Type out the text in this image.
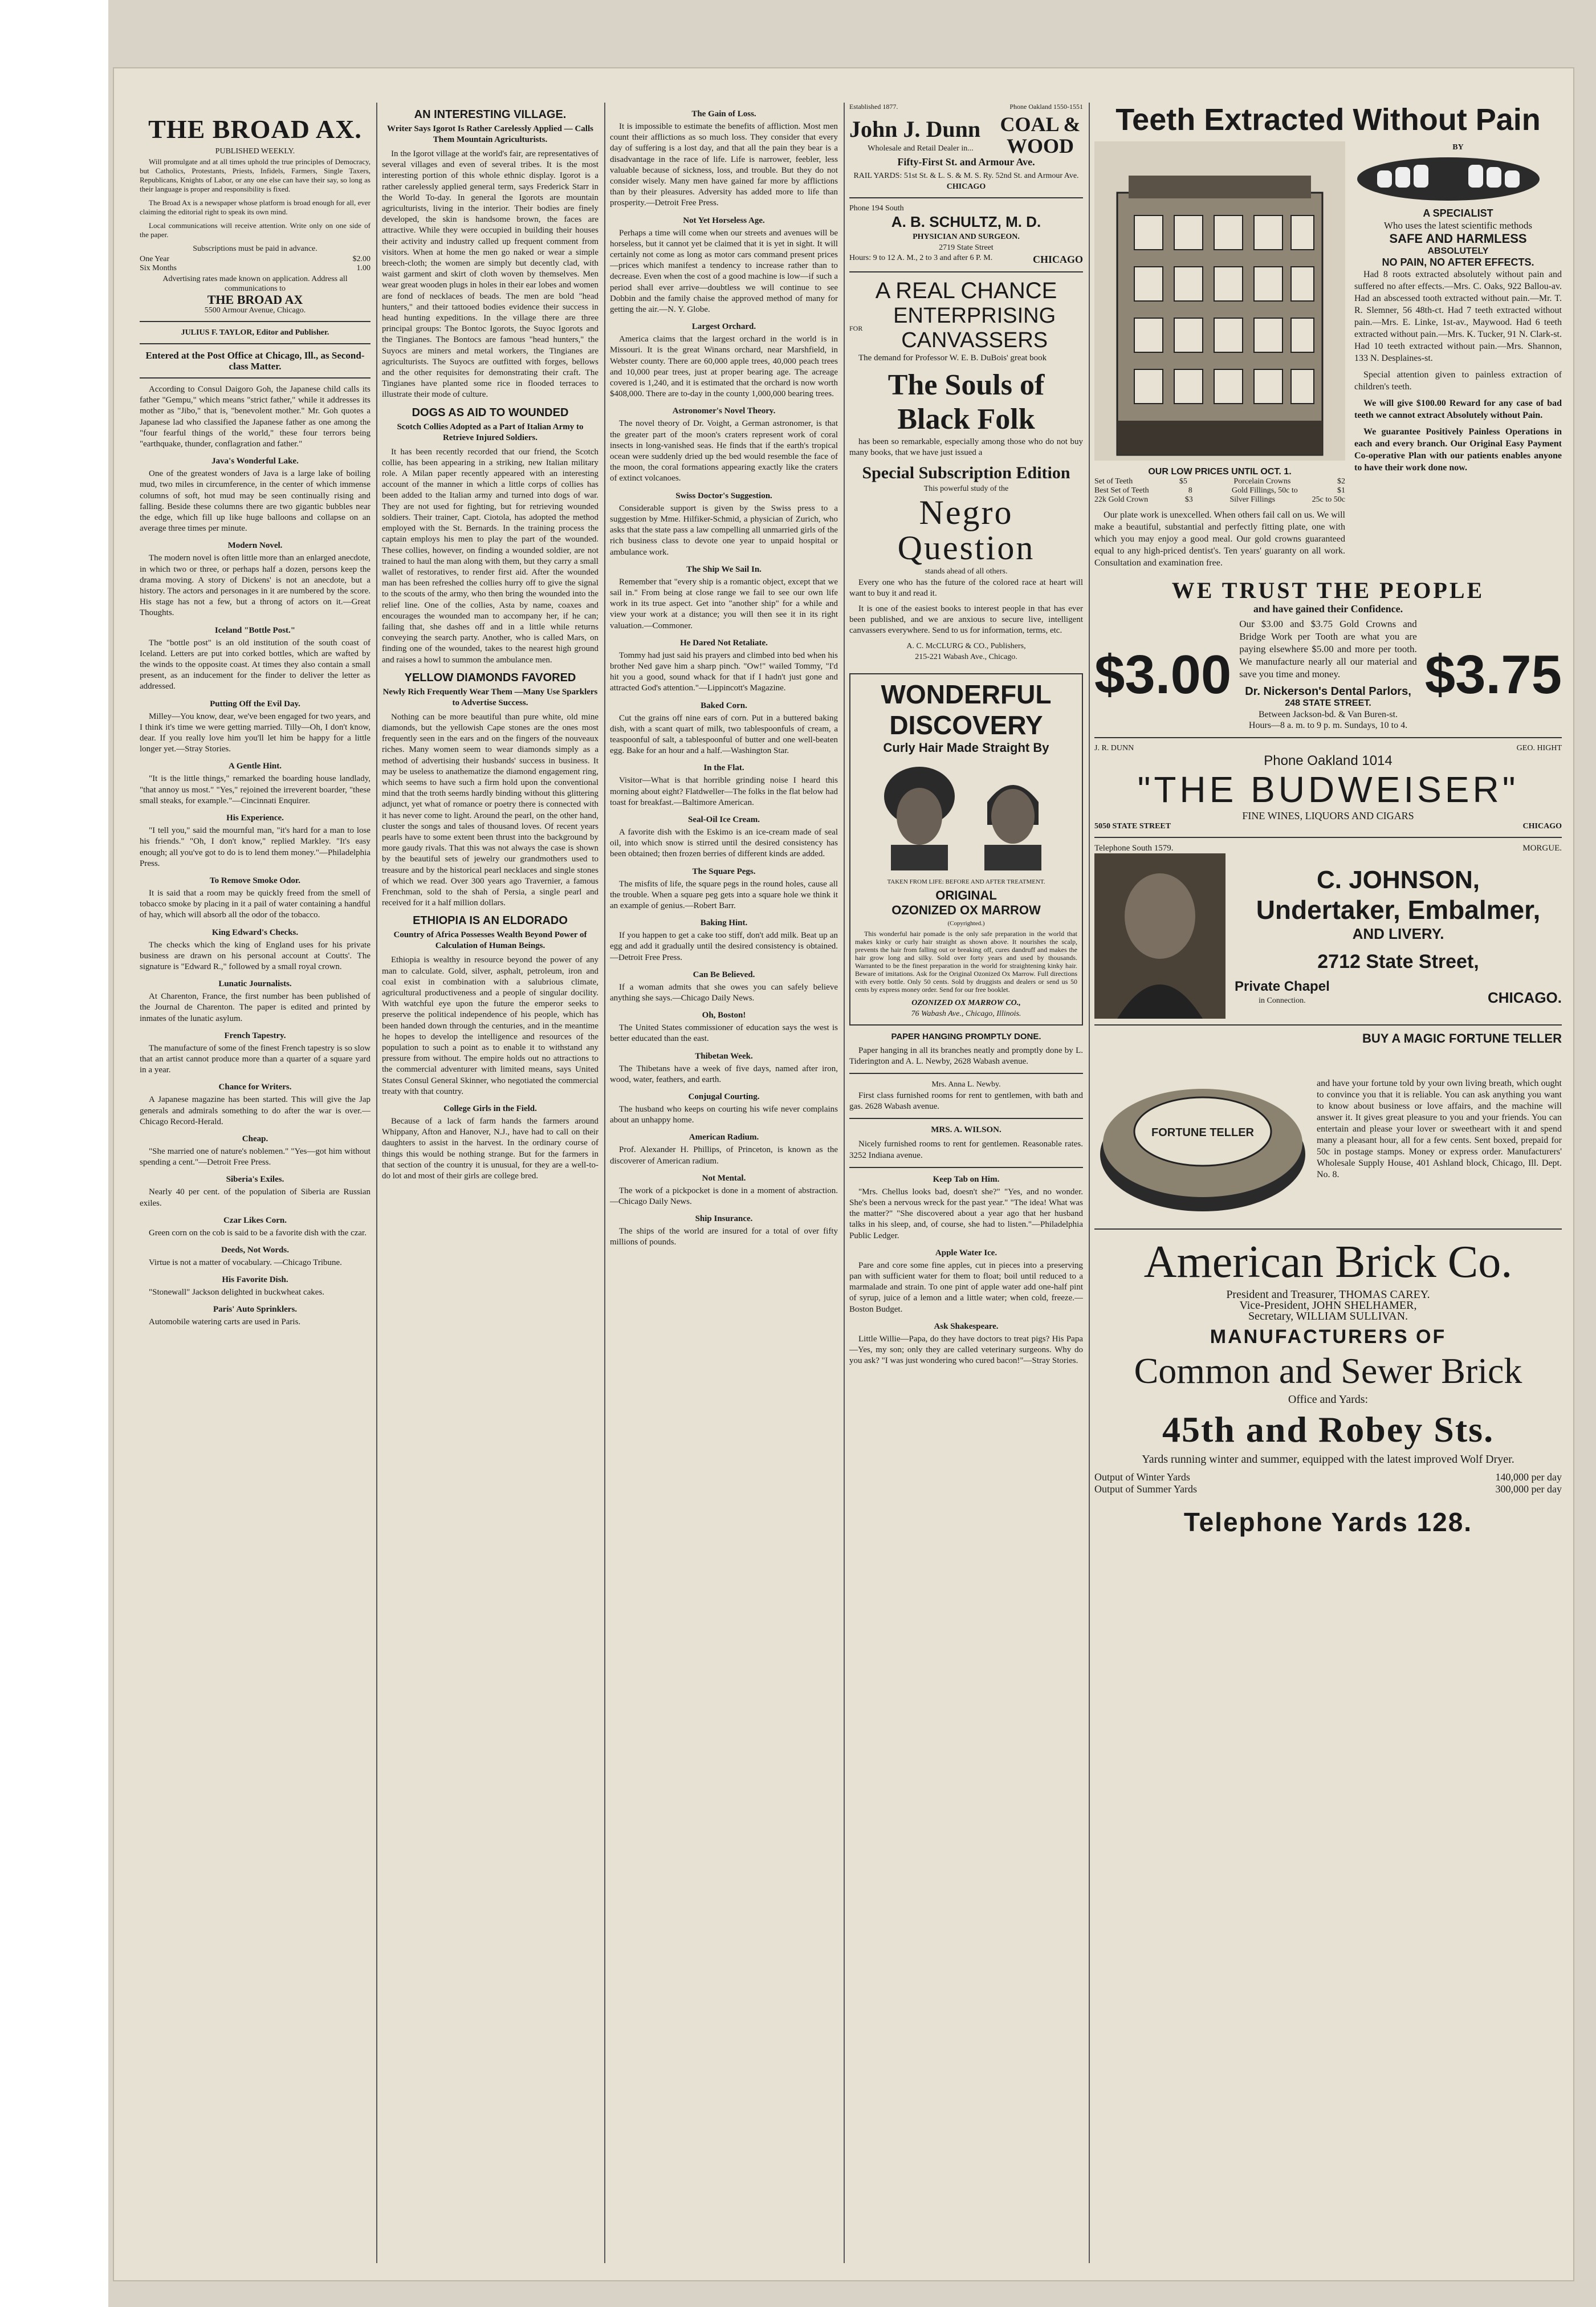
THE BROAD AX.
PUBLISHED WEEKLY.

Will promulgate and at all times uphold the true principles of Democracy, but Catholics, Protestants, Priests, Infidels, Farmers, Single Taxers, Republicans, Knights of Labor, or any one else can have their say, so long as their language is proper and responsibility is fixed.

The Broad Ax is a newspaper whose platform is broad enough for all, ever claiming the editorial right to speak its own mind.

Local communications will receive attention. Write only on one side of the paper.

Subscriptions must be paid in advance.
One Year	$2.00
Six Months	1.00
Advertising rates made known on application. Address all communications to
THE BROAD AX
5500 Armour Avenue, Chicago.
JULIUS F. TAYLOR, Editor and Publisher.
Entered at the Post Office at Chicago, Ill., as Second-class Matter.

According to Consul Daigoro Goh, the Japanese child calls its father "Gempu," which means "strict father," while it addresses its mother as "Jibo," that is, "benevolent mother." Mr. Goh quotes a Japanese lad who classified the Japanese father as one among the "four fearful things of the world," these four terrors being "earthquake, thunder, conflagration and father."

Java's Wonderful Lake.

One of the greatest wonders of Java is a large lake of boiling mud, two miles in circumference, in the center of which immense columns of soft, hot mud may be seen continually rising and falling. Beside these columns there are two gigantic bubbles near the edge, which fill up like huge balloons and collapse on an average three times per minute.

Modern Novel.

The modern novel is often little more than an enlarged anecdote, in which two or three, or perhaps half a dozen, persons keep the drama moving. A story of Dickens' is not an anecdote, but a history. The actors and personages in it are numbered by the score. His stage has not a few, but a throng of actors on it.—Great Thoughts.

Iceland "Bottle Post."

The "bottle post" is an old institution of the south coast of Iceland. Letters are put into corked bottles, which are wafted by the winds to the opposite coast. At times they also contain a small present, as an inducement for the finder to deliver the letter as addressed.

Putting Off the Evil Day.

Milley—You know, dear, we've been engaged for two years, and I think it's time we were getting married. Tilly—Oh, I don't know, dear. If you really love him you'll let him be happy for a little longer yet.—Stray Stories.

A Gentle Hint.

"It is the little things," remarked the boarding house landlady, "that annoy us most." "Yes," rejoined the irreverent boarder, "these small steaks, for example."—Cincinnati Enquirer.

His Experience.

"I tell you," said the mournful man, "it's hard for a man to lose his friends." "Oh, I don't know," replied Markley. "It's easy enough; all you've got to do is to lend them money."—Philadelphia Press.

To Remove Smoke Odor.

It is said that a room may be quickly freed from the smell of tobacco smoke by placing in it a pail of water containing a handful of hay, which will absorb all the odor of the tobacco.

King Edward's Checks.

The checks which the king of England uses for his private business are drawn on his personal account at Coutts'. The signature is "Edward R.," followed by a small royal crown.

Lunatic Journalists.

At Charenton, France, the first number has been published of the Journal de Charenton. The paper is edited and printed by inmates of the lunatic asylum.

French Tapestry.

The manufacture of some of the finest French tapestry is so slow that an artist cannot produce more than a quarter of a square yard in a year.

Chance for Writers.

A Japanese magazine has been started. This will give the Jap generals and admirals something to do after the war is over.—Chicago Record-Herald.

Cheap.

"She married one of nature's noblemen." "Yes—got him without spending a cent."—Detroit Free Press.

Siberia's Exiles.

Nearly 40 per cent. of the population of Siberia are Russian exiles.

Czar Likes Corn.

Green corn on the cob is said to be a favorite dish with the czar.

Deeds, Not Words.

Virtue is not a matter of vocabulary. —Chicago Tribune.

His Favorite Dish.

"Stonewall" Jackson delighted in buckwheat cakes.

Paris' Auto Sprinklers.

Automobile watering carts are used in Paris.

AN INTERESTING VILLAGE.
Writer Says Igorot Is Rather Carelessly Applied — Calls Them Mountain Agriculturists.

In the Igorot village at the world's fair, are representatives of several villages and even of several tribes. It is the most interesting portion of this whole ethnic display. Igorot is a rather carelessly applied general term, says Frederick Starr in the World To-day. In general the Igorots are mountain agriculturists, living in the interior. Their bodies are finely developed, the skin is handsome brown, the faces are attractive. While they were occupied in building their houses their activity and industry called up frequent comment from visitors. When at home the men go naked or wear a simple breech-cloth; the women are simply but decently clad, with waist garment and skirt of cloth woven by themselves. Men wear great wooden plugs in holes in their ear lobes and women are fond of necklaces of beads. The men are bold "head hunters," and their tattooed bodies evidence their success in head hunting expeditions. In the village there are three principal groups: The Bontoc Igorots, the Suyoc Igorots and the Tingianes. The Bontocs are famous "head hunters," the Suyocs are miners and metal workers, the Tingianes are agriculturists. The Suyocs are outfitted with forges, bellows and the other requisites for demonstrating their craft. The Tingianes have planted some rice in flooded terraces to illustrate their mode of culture.

DOGS AS AID TO WOUNDED
Scotch Collies Adopted as a Part of Italian Army to Retrieve Injured Soldiers.

It has been recently recorded that our friend, the Scotch collie, has been appearing in a striking, new Italian military role. A Milan paper recently appeared with an interesting account of the manner in which a little corps of collies has been added to the Italian army and turned into dogs of war. They are not used for fighting, but for retrieving wounded soldiers. Their trainer, Capt. Ciotola, has adopted the method employed with the St. Bernards. In the training process the captain employs his men to play the part of the wounded. These collies, however, on finding a wounded soldier, are not trained to haul the man along with them, but they carry a small wallet of restoratives, to render first aid. After the wounded man has been refreshed the collies hurry off to give the signal to the scouts of the army, who then bring the wounded into the relief line. One of the collies, Asta by name, coaxes and encourages the wounded man to accompany her, if he can; failing that, she dashes off and in a little while returns conveying the search party. Another, who is called Mars, on finding one of the wounded, takes to the nearest high ground and raises a howl to summon the ambulance men.

YELLOW DIAMONDS FAVORED
Newly Rich Frequently Wear Them —Many Use Sparklers to Advertise Success.

Nothing can be more beautiful than pure white, old mine diamonds, but the yellowish Cape stones are the ones most frequently seen in the ears and on the fingers of the nouveaux riches. Many women seem to wear diamonds simply as a method of advertising their husbands' success in business. It may be useless to anathematize the diamond engagement ring, which seems to have such a firm hold upon the conventional mind that the troth seems hardly binding without this glittering adjunct, yet what of romance or poetry there is connected with it has never come to light. Around the pearl, on the other hand, cluster the songs and tales of thousand loves. Of recent years pearls have to some extent been thrust into the background by more gaudy rivals. That this was not always the case is shown by the beautiful sets of jewelry our grandmothers used to treasure and by the historical pearl necklaces and single stones of which we read. Over 300 years ago Travernier, a famous Frenchman, sold to the shah of Persia, a single pearl and received for it a half million dollars.

ETHIOPIA IS AN ELDORADO
Country of Africa Possesses Wealth Beyond Power of Calculation of Human Beings.

Ethiopia is wealthy in resource beyond the power of any man to calculate. Gold, silver, asphalt, petroleum, iron and coal exist in combination with a salubrious climate, agricultural productiveness and a people of singular docility. With watchful eye upon the future the emperor seeks to preserve the political independence of his people, which has been handed down through the centuries, and in the meantime he hopes to develop the intelligence and resources of the population to such a point as to enable it to withstand any pressure from without. The empire holds out no attractions to the commercial adventurer with limited means, says United States Consul General Skinner, who negotiated the commercial treaty with that country.

College Girls in the Field.

Because of a lack of farm hands the farmers around Whippany, Afton and Hanover, N.J., have had to call on their daughters to assist in the harvest. In the ordinary course of things this would be nothing strange. But for the farmers in that section of the country it is unusual, for they are a well-to-do lot and most of their girls are college bred.

The Gain of Loss.

It is impossible to estimate the benefits of affliction. Most men count their afflictions as so much loss. They consider that every day of suffering is a lost day, and that all the pain they bear is a disadvantage in the race of life. Life is narrower, feebler, less valuable because of sickness, loss, and trouble. But they do not consider wisely. Many men have gained far more by afflictions than by their pleasures. Adversity has added more to life than prosperity.—Detroit Free Press.

Not Yet Horseless Age.

Perhaps a time will come when our streets and avenues will be horseless, but it cannot yet be claimed that it is yet in sight. It will certainly not come as long as motor cars command present prices—prices which manifest a tendency to increase rather than to decrease. Even when the cost of a good machine is low—if such a period shall ever arrive—doubtless we will continue to see Dobbin and the family chaise the approved method of many for getting the air.—N. Y. Globe.

Largest Orchard.

America claims that the largest orchard in the world is in Missouri. It is the great Winans orchard, near Marshfield, in Webster county. There are 60,000 apple trees, 40,000 peach trees and 10,000 pear trees, just at proper bearing age. The acreage covered is 1,240, and it is estimated that the orchard is now worth $408,000. There are to-day in the county 1,000,000 bearing trees.

Astronomer's Novel Theory.

The novel theory of Dr. Voight, a German astronomer, is that the greater part of the moon's craters represent work of coral insects in long-vanished seas. He finds that if the earth's tropical ocean were suddenly dried up the bed would resemble the face of the moon, the coral formations appearing exactly like the craters of extinct volcanoes.

Swiss Doctor's Suggestion.

Considerable support is given by the Swiss press to a suggestion by Mme. Hilfiker-Schmid, a physician of Zurich, who asks that the state pass a law compelling all unmarried girls of the rich business class to devote one year to unpaid hospital or ambulance work.

The Ship We Sail In.

Remember that "every ship is a romantic object, except that we sail in." From being at close range we fail to see our own life work in its true aspect. Get into "another ship" for a while and view your work at a distance; you will then see it in its right valuation.—Commoner.

He Dared Not Retaliate.

Tommy had just said his prayers and climbed into bed when his brother Ned gave him a sharp pinch. "Ow!" wailed Tommy, "I'd hit you a good, sound whack for that if I hadn't just gone and attracted God's attention."—Lippincott's Magazine.

Baked Corn.

Cut the grains off nine ears of corn. Put in a buttered baking dish, with a scant quart of milk, two tablespoonfuls of cream, a teaspoonful of salt, a tablespoonful of butter and one well-beaten egg. Bake for an hour and a half.—Washington Star.

In the Flat.

Visitor—What is that horrible grinding noise I heard this morning about eight? Flatdweller—The folks in the flat below had toast for breakfast.—Baltimore American.

Seal-Oil Ice Cream.

A favorite dish with the Eskimo is an ice-cream made of seal oil, into which snow is stirred until the desired consistency has been obtained; then frozen berries of different kinds are added.

The Square Pegs.

The misfits of life, the square pegs in the round holes, cause all the trouble. When a square peg gets into a square hole we think it an example of genius.—Robert Barr.

Baking Hint.

If you happen to get a cake too stiff, don't add milk. Beat up an egg and add it gradually until the desired consistency is obtained.—Detroit Free Press.

Can Be Believed.

If a woman admits that she owes you can safely believe anything she says.—Chicago Daily News.

Oh, Boston!

The United States commissioner of education says the west is better educated than the east.

Thibetan Week.

The Thibetans have a week of five days, named after iron, wood, water, feathers, and earth.

Conjugal Courting.

The husband who keeps on courting his wife never complains about an unhappy home.

American Radium.

Prof. Alexander H. Phillips, of Princeton, is known as the discoverer of American radium.

Not Mental.

The work of a pickpocket is done in a moment of abstraction.—Chicago Daily News.

Ship Insurance.

The ships of the world are insured for a total of over fifty millions of pounds.

Established 1877.	Phone Oakland 1550-1551
John J. Dunn
Wholesale and Retail Dealer in...
COAL & WOOD
Fifty-First St. and Armour Ave.
RAIL YARDS: 51st St. & L. S. & M. S. Ry. 52nd St. and Armour Ave.
CHICAGO
Phone 194 South
A. B. SCHULTZ, M. D.
PHYSICIAN AND SURGEON.
2719 State Street
Hours: 9 to 12 A. M., 2 to 3 and after 6 P. M.	CHICAGO
A REAL CHANCE
FOR
ENTERPRISING
CANVASSERS

The demand for Professor W. E. B. DuBois' great book

The Souls of
Black Folk

has been so remarkable, especially among those who do not buy many books, that we have just issued a

Special Subscription Edition
This powerful study of the
Negro
Question
stands ahead of all others.

Every one who has the future of the colored race at heart will want to buy it and read it.

It is one of the easiest books to interest people in that has ever been published, and we are anxious to secure live, intelligent canvassers everywhere. Send to us for information, terms, etc.

A. C. McCLURG & CO., Publishers,
215-221 Wabash Ave., Chicago.
WONDERFUL
DISCOVERY
Curly Hair Made Straight By
TAKEN FROM LIFE: BEFORE AND AFTER TREATMENT.
ORIGINAL
OZONIZED OX MARROW
(Copyrighted.)

This wonderful hair pomade is the only safe preparation in the world that makes kinky or curly hair straight as shown above. It nourishes the scalp, prevents the hair from falling out or breaking off, cures dandruff and makes the hair grow long and silky. Sold over forty years and used by thousands. Warranted to be the finest preparation in the world for straightening kinky hair. Beware of imitations. Ask for the Original Ozonized Ox Marrow. Full directions with every bottle. Only 50 cents. Sold by druggists and dealers or send us 50 cents by express money order. Send for our free booklet.

OZONIZED OX MARROW CO.,
76 Wabash Ave., Chicago, Illinois.
PAPER HANGING PROMPTLY DONE.

Paper hanging in all its branches neatly and promptly done by L. Tiderington and A. L. Newby, 2628 Wabash avenue.

Mrs. Anna L. Newby.

First class furnished rooms for rent to gentlemen, with bath and gas. 2628 Wabash avenue.

MRS. A. WILSON.

Nicely furnished rooms to rent for gentlemen. Reasonable rates. 3252 Indiana avenue.

Keep Tab on Him.

"Mrs. Chellus looks bad, doesn't she?" "Yes, and no wonder. She's been a nervous wreck for the past year." "The idea! What was the matter?" "She discovered about a year ago that her husband talks in his sleep, and, of course, she had to listen."—Philadelphia Public Ledger.

Apple Water Ice.

Pare and core some fine apples, cut in pieces into a preserving pan with sufficient water for them to float; boil until reduced to a marmalade and strain. To one pint of apple water add one-half pint of syrup, juice of a lemon and a little water; when cold, freeze.—Boston Budget.

Ask Shakespeare.

Little Willie—Papa, do they have doctors to treat pigs? His Papa—Yes, my son; only they are called veterinary surgeons. Why do you ask? "I was just wondering who cured bacon!"—Stray Stories.

Teeth Extracted Without Pain
OUR LOW PRICES UNTIL OCT. 1.
Set of Teeth	$5	Porcelain Crowns	$2
Best Set of Teeth	8	Gold Fillings, 50c to	$1
22k Gold Crown	$3	Silver Fillings	25c to 50c

Our plate work is unexcelled. When others fail call on us. We will make a beautiful, substantial and perfectly fitting plate, one with which you may enjoy a good meal. Our gold crowns guaranteed equal to any high-priced dentist's. Ten years' guaranty on all work. Consultation and examination free.

BY
A SPECIALIST
Who uses the latest scientific methods
SAFE AND HARMLESS
ABSOLUTELY
NO PAIN, NO AFTER EFFECTS.

Had 8 roots extracted absolutely without pain and suffered no after effects.—Mrs. C. Oaks, 922 Ballou-av. Had an abscessed tooth extracted without pain.—Mr. T. R. Slemner, 56 48th-ct. Had 7 teeth extracted without pain.—Mrs. E. Linke, 1st-av., Maywood. Had 6 teeth extracted without pain.—Mrs. K. Tucker, 91 N. Clark-st. Had 10 teeth extracted without pain.—Mrs. Shannon, 133 N. Desplaines-st.

Special attention given to painless extraction of children's teeth.

We will give $100.00 Reward for any case of bad teeth we cannot extract Absolutely without Pain.

We guarantee Positively Painless Operations in each and every branch. Our Original Easy Payment Co-operative Plan with our patients enables anyone to have their work done now.

WE TRUST THE PEOPLE
and have gained their Confidence.
$3.00

Our $3.00 and $3.75 Gold Crowns and Bridge Work per Tooth are what you are paying elsewhere $5.00 and more per tooth. We manufacture nearly all our material and save you time and money.

Dr. Nickerson's Dental Parlors,
248 STATE STREET.
Between Jackson-bd. & Van Buren-st.
Hours—8 a. m. to 9 p. m. Sundays, 10 to 4.
$3.75
J. R. DUNN	GEO. HIGHT
Phone Oakland 1014
"THE BUDWEISER"
FINE WINES, LIQUORS AND CIGARS
5050 STATE STREET	CHICAGO
Telephone South 1579.	MORGUE.
C. JOHNSON,
Undertaker, Embalmer,
AND LIVERY.
2712 State Street,
Private Chapel
in Connection.	CHICAGO.
BUY A MAGIC FORTUNE TELLER
FORTUNE TELLER

and have your fortune told by your own living breath, which ought to convince you that it is reliable. You can ask anything you want to know about business or love affairs, and the machine will answer it. It gives great pleasure to you and your friends. You can entertain and please your lover or sweetheart with it and spend many a pleasant hour, all for a few cents. Sent boxed, prepaid for 50c in postage stamps. Money or express order. Manufacturers' Wholesale Supply House, 401 Ashland block, Chicago, Ill. Dept. No. 8.

American Brick Co.
President and Treasurer, THOMAS CAREY.
Vice-President, JOHN SHELHAMER,
Secretary, WILLIAM SULLIVAN.
MANUFACTURERS OF
Common and Sewer Brick
Office and Yards:
45th and Robey Sts.
Yards running winter and summer, equipped with the latest improved Wolf Dryer.
Output of Winter Yards	140,000 per day
Output of Summer Yards	300,000 per day
Telephone Yards 128.
